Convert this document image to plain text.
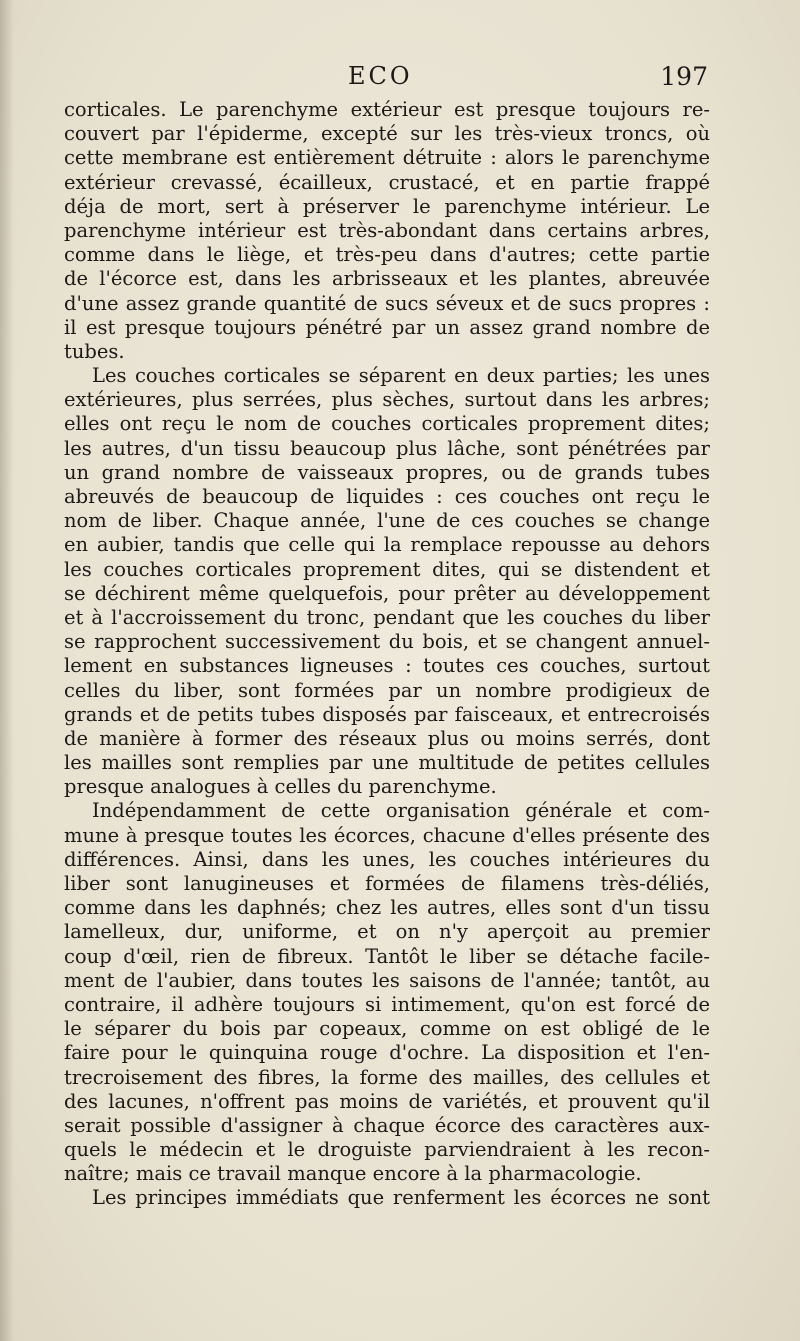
ECO	197
corticales. Le parenchyme extérieur est presque toujours re-
couvert par l'épiderme, excepté sur les très-vieux troncs, où
cette membrane est entièrement détruite : alors le parenchyme
extérieur crevassé, écailleux, crustacé, et en partie frappé
déja de mort, sert à préserver le parenchyme intérieur. Le
parenchyme intérieur est très-abondant dans certains arbres,
comme dans le liège, et très-peu dans d'autres; cette partie
de l'écorce est, dans les arbrisseaux et les plantes, abreuvée
d'une assez grande quantité de sucs séveux et de sucs propres :
il est presque toujours pénétré par un assez grand nombre de
tubes.
Les couches corticales se séparent en deux parties; les unes
extérieures, plus serrées, plus sèches, surtout dans les arbres;
elles ont reçu le nom de couches corticales proprement dites;
les autres, d'un tissu beaucoup plus lâche, sont pénétrées par
un grand nombre de vaisseaux propres, ou de grands tubes
abreuvés de beaucoup de liquides : ces couches ont reçu le
nom de liber. Chaque année, l'une de ces couches se change
en aubier, tandis que celle qui la remplace repousse au dehors
les couches corticales proprement dites, qui se distendent et
se déchirent même quelquefois, pour prêter au développement
et à l'accroissement du tronc, pendant que les couches du liber
se rapprochent successivement du bois, et se changent annuel-
lement en substances ligneuses : toutes ces couches, surtout
celles du liber, sont formées par un nombre prodigieux de
grands et de petits tubes disposés par faisceaux, et entrecroisés
de manière à former des réseaux plus ou moins serrés, dont
les mailles sont remplies par une multitude de petites cellules
presque analogues à celles du parenchyme.
Indépendamment de cette organisation générale et com-
mune à presque toutes les écorces, chacune d'elles présente des
différences. Ainsi, dans les unes, les couches intérieures du
liber sont lanugineuses et formées de filamens très-déliés,
comme dans les daphnés; chez les autres, elles sont d'un tissu
lamelleux, dur, uniforme, et on n'y aperçoit au premier
coup d'œil, rien de fibreux. Tantôt le liber se détache facile-
ment de l'aubier, dans toutes les saisons de l'année; tantôt, au
contraire, il adhère toujours si intimement, qu'on est forcé de
le séparer du bois par copeaux, comme on est obligé de le
faire pour le quinquina rouge d'ochre. La disposition et l'en-
trecroisement des fibres, la forme des mailles, des cellules et
des lacunes, n'offrent pas moins de variétés, et prouvent qu'il
serait possible d'assigner à chaque écorce des caractères aux-
quels le médecin et le droguiste parviendraient à les recon-
naître; mais ce travail manque encore à la pharmacologie.
Les principes immédiats que renferment les écorces ne sont
